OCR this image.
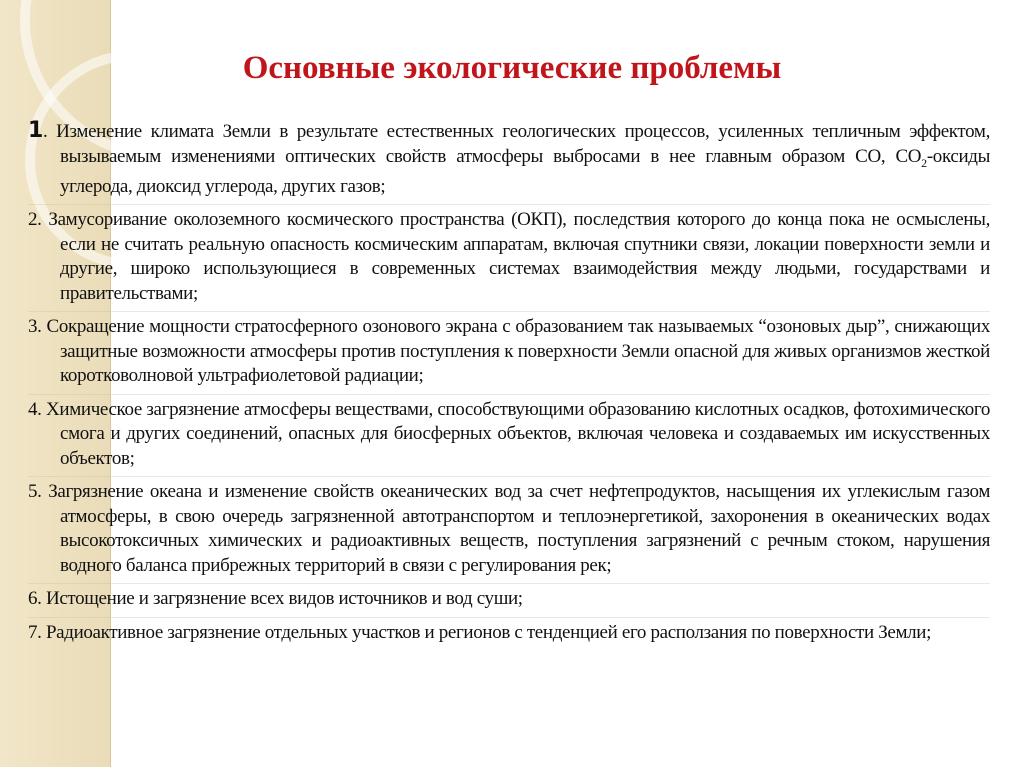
Основные экологические проблемы
1. Изменение климата Земли в результате естественных геологических процессов, усиленных тепличным эффектом, вызываемым изменениями оптических свойств атмосферы выбросами в нее главным образом CO, $CO_2$-оксиды углерода, диоксид углерода, других газов;
2. Замусоривание околоземного космического пространства (ОКП), последствия которого до конца пока не осмыслены, если не считать реальную опасность космическим аппаратам, включая спутники связи, локации поверхности земли и другие, широко использующиеся в современных системах взаимодействия между людьми, государствами и правительствами;
3. Сокращение мощности стратосферного озонового экрана с образованием так называемых “озоновых дыр”, снижающих защитные возможности атмосферы против поступления к поверхности Земли опасной для живых организмов жесткой коротковолновой ультрафиолетовой радиации;
4. Химическое загрязнение атмосферы веществами, способствующими образованию кислотных осадков, фотохимического смога и других соединений, опасных для биосферных объектов, включая человека и создаваемых им искусственных объектов;
5. Загрязнение океана и изменение свойств океанических вод за счет нефтепродуктов, насыщения их углекислым газом атмосферы, в свою очередь загрязненной автотранспортом и теплоэнергетикой, захоронения в океанических водах высокотоксичных химических и радиоактивных веществ, поступления загрязнений с речным стоком, нарушения водного баланса прибрежных территорий в связи с регулирования рек;
6. Истощение и загрязнение всех видов источников и вод суши;
7. Радиоактивное загрязнение отдельных участков и регионов с тенденцией его расползания по поверхности Земли;
